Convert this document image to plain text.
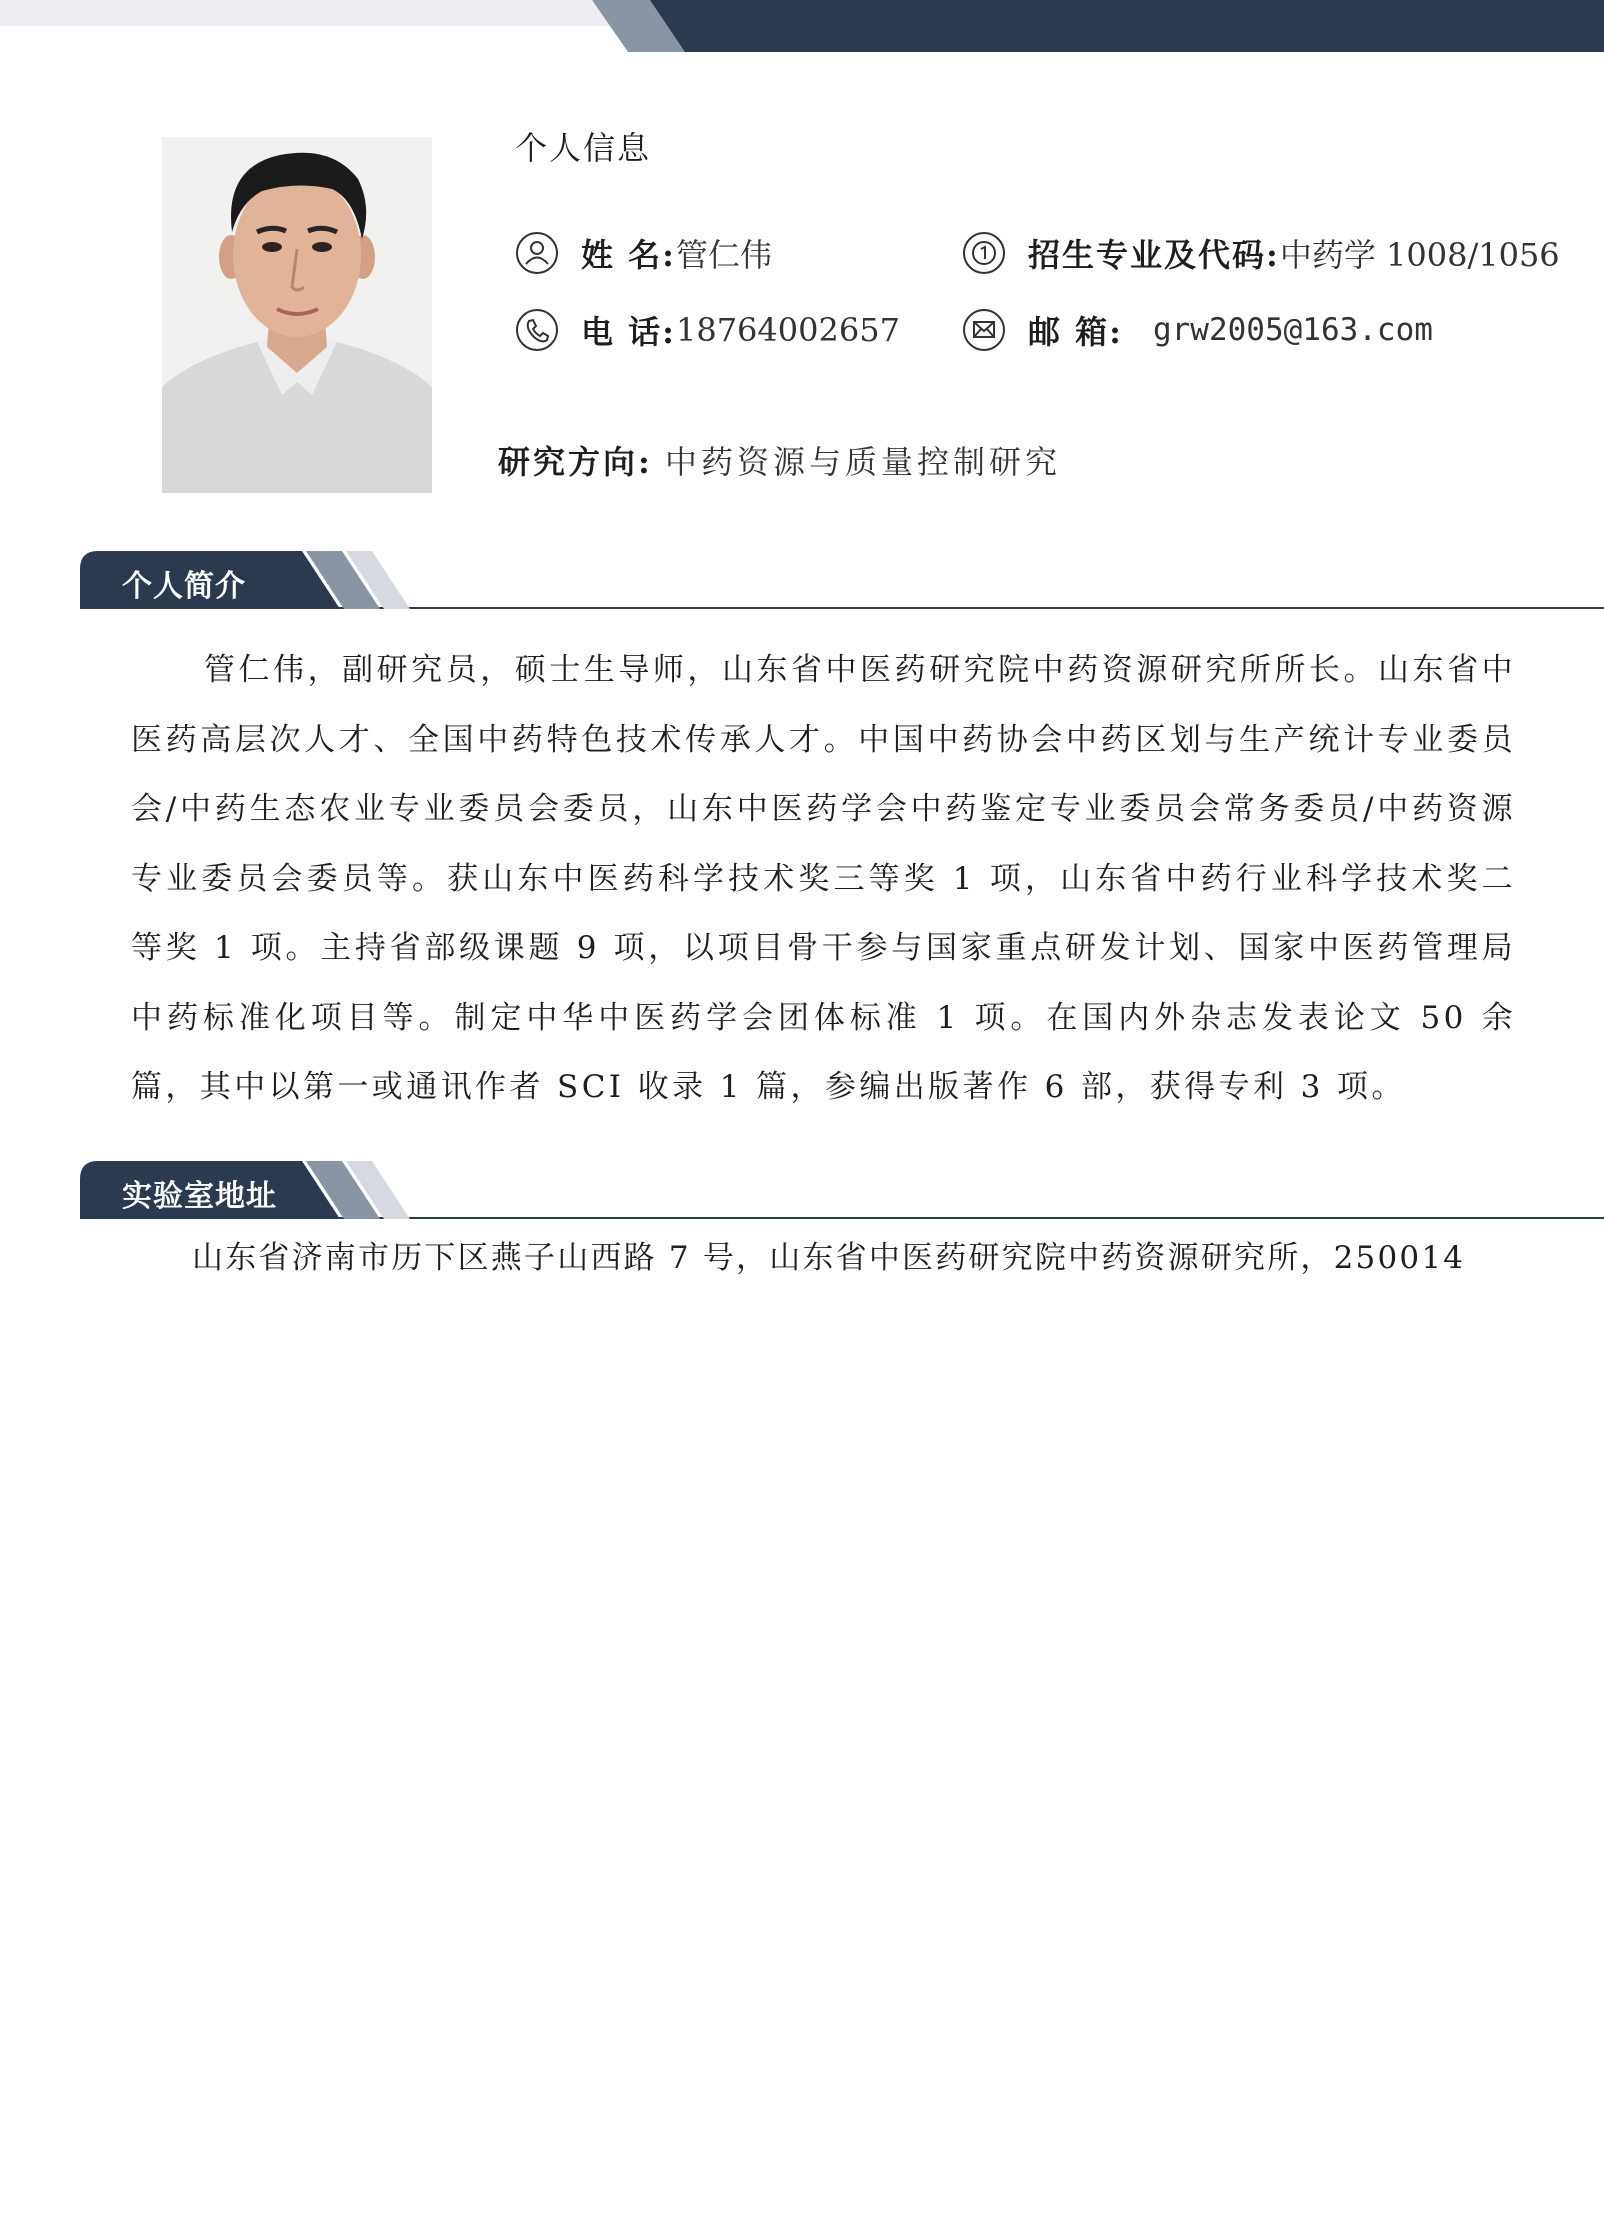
个人信息
姓 名: 管仁伟	招生专业及代码: 中药学 1008/1056
电 话: 18764002657	邮 箱: grw2005@163.com
研究方向: 中药资源与质量控制研究
个人简介
管仁伟，副研究员，硕士生导师，山东省中医药研究院中药资源研究所所长。山东省中医药高层次人才、全国中药特色技术传承人才。中国中药协会中药区划与生产统计专业委员会/中药生态农业专业委员会委员，山东中医药学会中药鉴定专业委员会常务委员/中药资源专业委员会委员等。获山东中医药科学技术奖三等奖 1 项，山东省中药行业科学技术奖二等奖 1 项。主持省部级课题 9 项，以项目骨干参与国家重点研发计划、国家中医药管理局中药标准化项目等。制定中华中医药学会团体标准 1 项。在国内外杂志发表论文 50 余篇，其中以第一或通讯作者 SCI 收录 1 篇，参编出版著作 6 部，获得专利 3 项。
实验室地址
山东省济南市历下区燕子山西路 7 号，山东省中医药研究院中药资源研究所，250014
